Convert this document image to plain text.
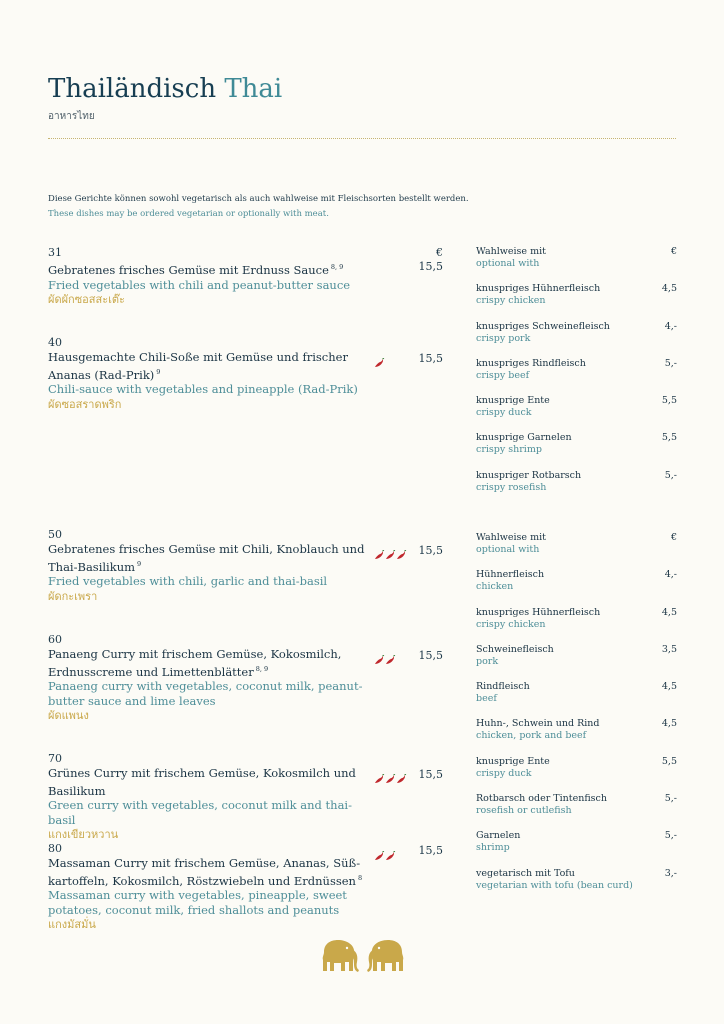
Thailändisch Thai
อาหารไทย
Diese Gerichte können sowohl vegetarisch als auch wahlweise mit Fleischsorten bestellt werden.
These dishes may be ordered vegetarian or optionally with meat.
€
31
Gebratenes frisches Gemüse mit Erdnuss Sauce $^{8, 9}$
Fried vegetables with chili and peanut-butter sauce
ผัดผักซอสสะเต๊ะ
15,5
40
Hausgemachte Chili-Soße mit Gemüse und frischer Ananas (Rad-Prik) $^9$
Chili-sauce with vegetables and pineapple (Rad-Prik)
ผัดซอสราดพริก
15,5
50
Gebratenes frisches Gemüse mit Chili, Knoblauch und Thai-Basilikum $^9$
Fried vegetables with chili, garlic and thai-basil
ผัดกะเพรา
15,5
60
Panaeng Curry mit frischem Gemüse, Kokosmilch, Erdnusscreme und Limettenblätter $^{8, 9}$
Panaeng curry with vegetables, coconut milk, peanut-butter sauce and lime leaves
ผัดแพนง
15,5
70
Grünes Curry mit frischem Gemüse, Kokosmilch und Basilikum
Green curry with vegetables, coconut milk and thai-basil
แกงเขียวหวาน
15,5
80
Massaman Curry mit frischem Gemüse, Ananas, Süß-kartoffeln, Kokosmilch, Röstzwiebeln und Erdnüssen $^8$
Massaman curry with vegetables, pineapple, sweet potatoes, coconut milk, fried shallots and peanuts
แกงมัสมั่น
15,5
Wahlweise mit
optional with
€
knuspriges Hühnerfleisch
crispy chicken
4,5
knuspriges Schweinefleisch
crispy pork
4,-
knuspriges Rindfleisch
crispy beef
5,-
knusprige Ente
crispy duck
5,5
knusprige Garnelen
crispy shrimp
5,5
knuspriger Rotbarsch
crispy rosefish
5,-
Wahlweise mit
optional with
€
Hühnerfleisch
chicken
4,-
knuspriges Hühnerfleisch
crispy chicken
4,5
Schweinefleisch
pork
3,5
Rindfleisch
beef
4,5
Huhn-, Schwein und Rind
chicken, pork and beef
4,5
knusprige Ente
crispy duck
5,5
Rotbarsch oder Tintenfisch
rosefish or cutlefish
5,-
Garnelen
shrimp
5,-
vegetarisch mit Tofu
vegetarian with tofu (bean curd)
3,-
